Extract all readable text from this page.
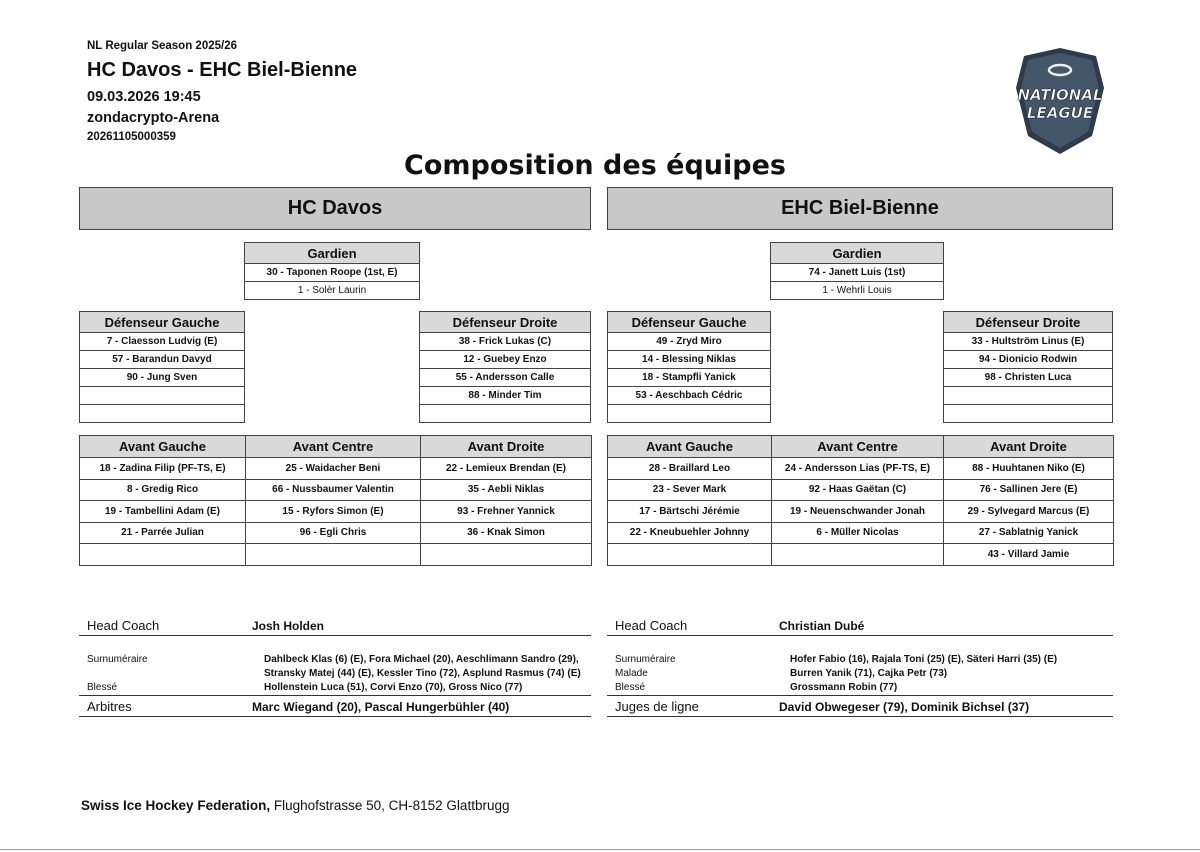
NL Regular Season 2025/26
HC Davos - EHC Biel-Bienne
09.03.2026 19:45
zondacrypto-Arena
20261105000359
NATIONAL
LEAGUE
Composition des équipes
HC Davos	EHC Biel-Bienne
Gardien
30 - Taponen Roope (1st, E)
1 - Solèr Laurin
Gardien
74 - Janett Luis (1st)
1 - Wehrli Louis
Défenseur Gauche
7 - Claesson Ludvig (E)
57 - Barandun Davyd
90 - Jung Sven

Défenseur Droite
38 - Frick Lukas (C)
12 - Guebey Enzo
55 - Andersson Calle
88 - Minder Tim

Défenseur Gauche
49 - Zryd Miro
14 - Blessing Niklas
18 - Stampfli Yanick
53 - Aeschbach Cédric

Défenseur Droite
33 - Hultström Linus (E)
94 - Dionicio Rodwin
98 - Christen Luca

Avant Gauche	Avant Centre	Avant Droite
18 - Zadina Filip (PF-TS, E)	25 - Waidacher Beni	22 - Lemieux Brendan (E)
8 - Gredig Rico	66 - Nussbaumer Valentin	35 - Aebli Niklas
19 - Tambellini Adam (E)	15 - Ryfors Simon (E)	93 - Frehner Yannick
21 - Parrée Julian	96 - Egli Chris	36 - Knak Simon

Avant Gauche	Avant Centre	Avant Droite
28 - Braillard Leo	24 - Andersson Lias (PF-TS, E)	88 - Huuhtanen Niko (E)
23 - Sever Mark	92 - Haas Gaëtan (C)	76 - Sallinen Jere (E)
17 - Bärtschi Jérémie	19 - Neuenschwander Jonah	29 - Sylvegard Marcus (E)
22 - Kneubuehler Johnny	6 - Müller Nicolas	27 - Sablatnig Yanick
		43 - Villard Jamie
Head Coach	Josh Holden
Surnuméraire	Dahlbeck Klas (6) (E), Fora Michael (20), Aeschlimann Sandro (29),
Stransky Matej (44) (E), Kessler Tino (72), Asplund Rasmus (74) (E)
Blessé	Hollenstein Luca (51), Corvi Enzo (70), Gross Nico (77)
Arbitres	Marc Wiegand (20), Pascal Hungerbühler (40)
Head Coach	Christian Dubé
Surnuméraire	Hofer Fabio (16), Rajala Toni (25) (E), Säteri Harri (35) (E)
Malade	Burren Yanik (71), Cajka Petr (73)
Blessé	Grossmann Robin (77)
Juges de ligne	David Obwegeser (79), Dominik Bichsel (37)
Swiss Ice Hockey Federation, Flughofstrasse 50, CH-8152 Glattbrugg
